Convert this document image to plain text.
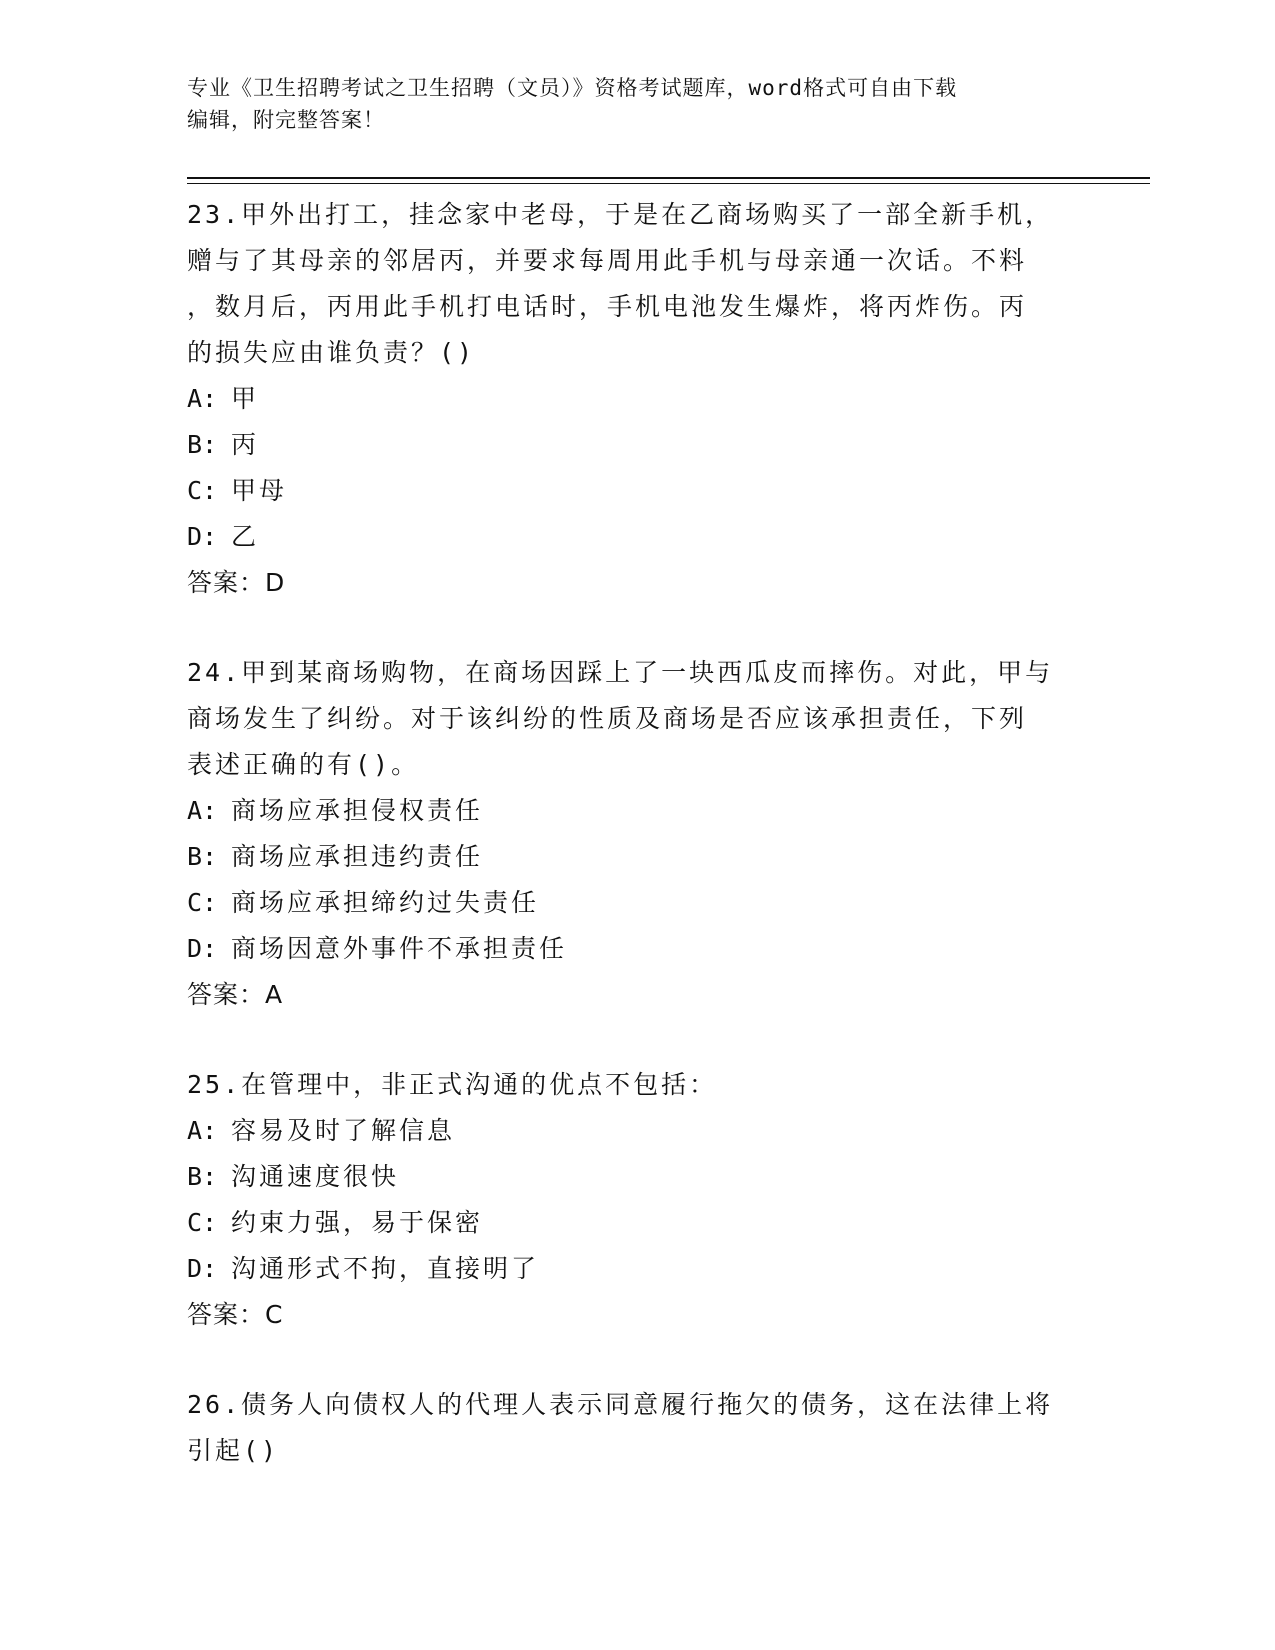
专业《卫生招聘考试之卫生招聘（文员）》资格考试题库，word格式可自由下载
编辑，附完整答案！

23.甲外出打工，挂念家中老母，于是在乙商场购买了一部全新手机，

赠与了其母亲的邻居丙，并要求每周用此手机与母亲通一次话。不料

，数月后，丙用此手机打电话时，手机电池发生爆炸，将丙炸伤。丙

的损失应由谁负责？()

A: 甲

B: 丙

C: 甲母

D: 乙

答案：D

24.甲到某商场购物，在商场因踩上了一块西瓜皮而摔伤。对此，甲与

商场发生了纠纷。对于该纠纷的性质及商场是否应该承担责任，下列

表述正确的有()。

A: 商场应承担侵权责任

B: 商场应承担违约责任

C: 商场应承担缔约过失责任

D: 商场因意外事件不承担责任

答案：A

25.在管理中，非正式沟通的优点不包括：

A: 容易及时了解信息

B: 沟通速度很快

C: 约束力强，易于保密

D: 沟通形式不拘，直接明了

答案：C

26.债务人向债权人的代理人表示同意履行拖欠的债务，这在法律上将

引起()
